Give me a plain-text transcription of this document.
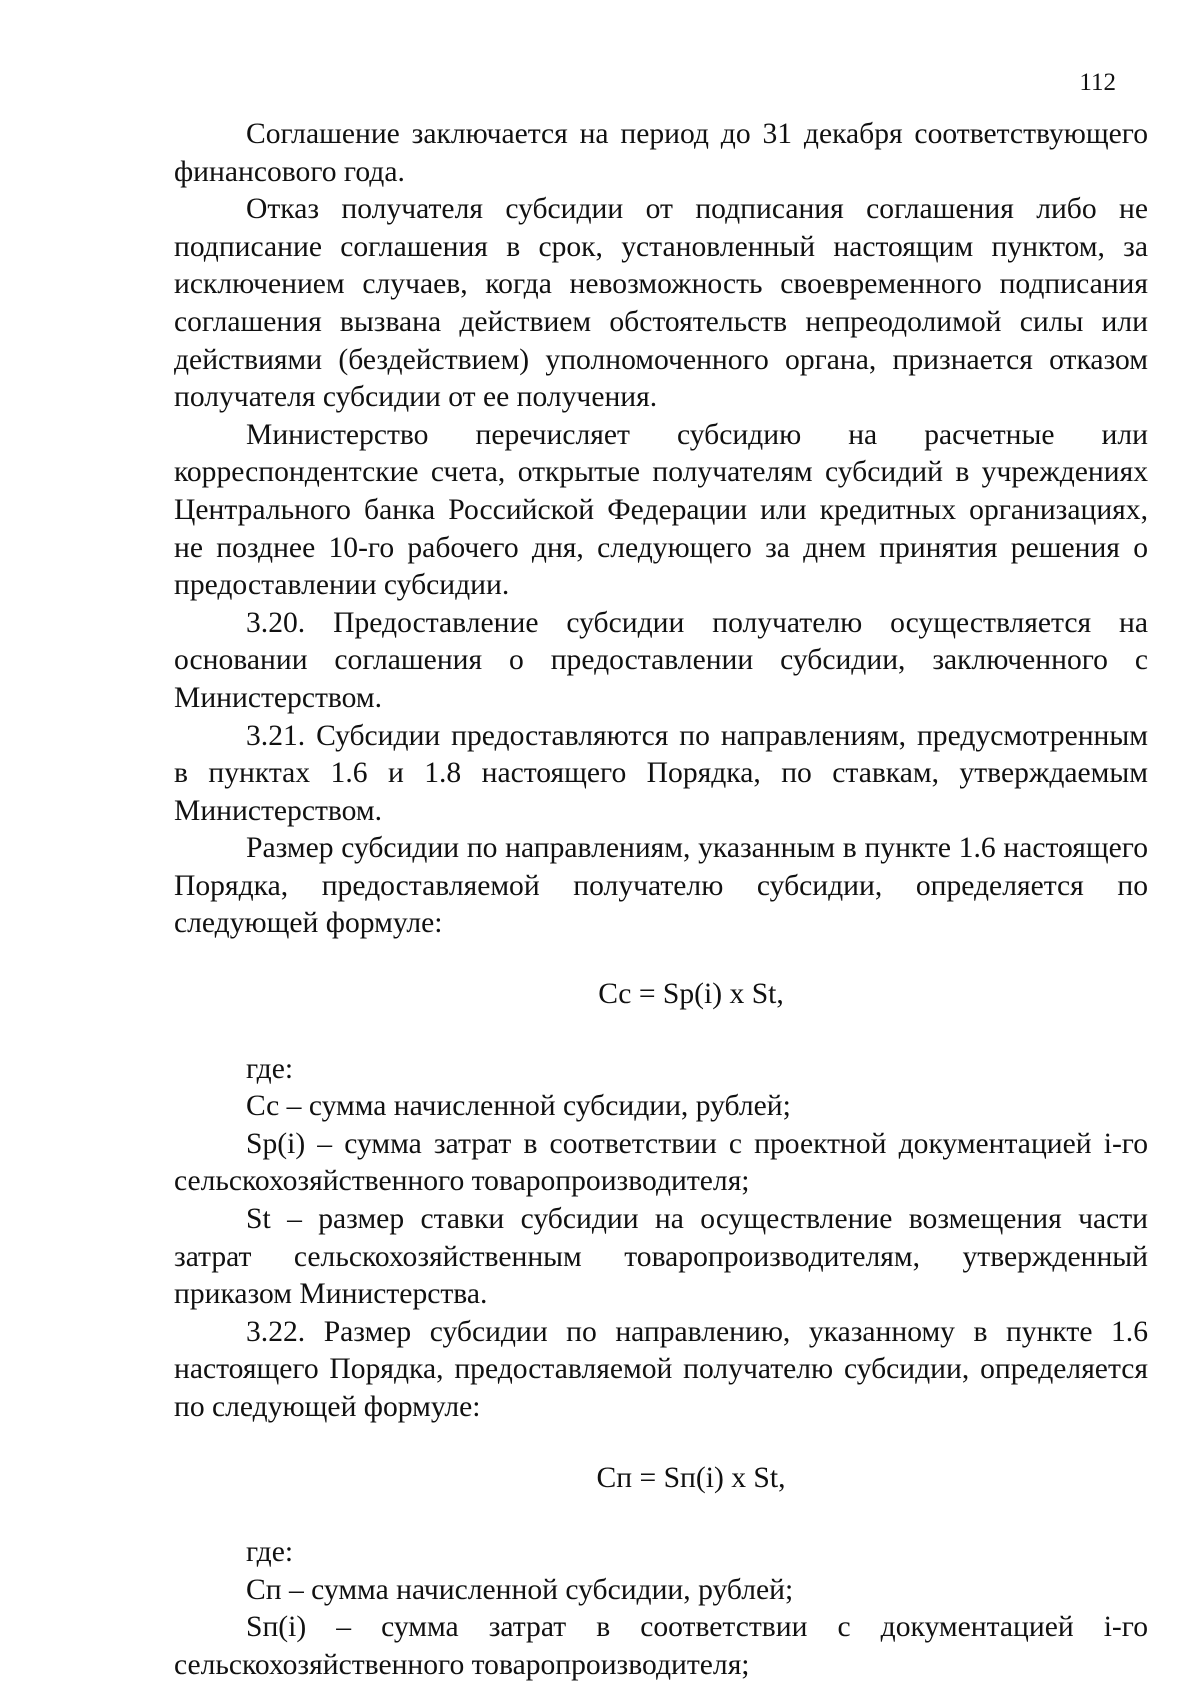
112

Соглашение заключается на период до 31 декабря соответствующего финансового года.

Отказ получателя субсидии от подписания соглашения либо не подписание соглашения в срок, установленный настоящим пунктом, за исключением случаев, когда невозможность своевременного подписания соглашения вызвана действием обстоятельств непреодолимой силы или действиями (бездействием) уполномоченного органа, признается отказом получателя субсидии от ее получения.

Министерство перечисляет субсидию на расчетные или корреспондентские счета, открытые получателям субсидий в учреждениях Центрального банка Российской Федерации или кредитных организациях, не позднее 10-го рабочего дня, следующего за днем принятия решения о предоставлении субсидии.

3.20. Предоставление субсидии получателю осуществляется на основании соглашения о предоставлении субсидии, заключенного с Министерством.

3.21. Субсидии предоставляются по направлениям, предусмотренным в пунктах 1.6 и 1.8 настоящего Порядка, по ставкам, утверждаемым Министерством.

Размер субсидии по направлениям, указанным в пункте 1.6 настоящего Порядка, предоставляемой получателю субсидии, определяется по следующей формуле:

Сс = Sp(i) х St,

где:

Сс – сумма начисленной субсидии, рублей;

Sp(i) – сумма затрат в соответствии с проектной документацией i-го сельскохозяйственного товаропроизводителя;

St – размер ставки субсидии на осуществление возмещения части затрат сельскохозяйственным товаропроизводителям, утвержденный приказом Министерства.

3.22. Размер субсидии по направлению, указанному в пункте 1.6 настоящего Порядка, предоставляемой получателю субсидии, определяется по следующей формуле:

Сп = Sп(i) х St,

где:

Сп – сумма начисленной субсидии, рублей;

Sп(i) – сумма затрат в соответствии с документацией i-го сельскохозяйственного товаропроизводителя;
